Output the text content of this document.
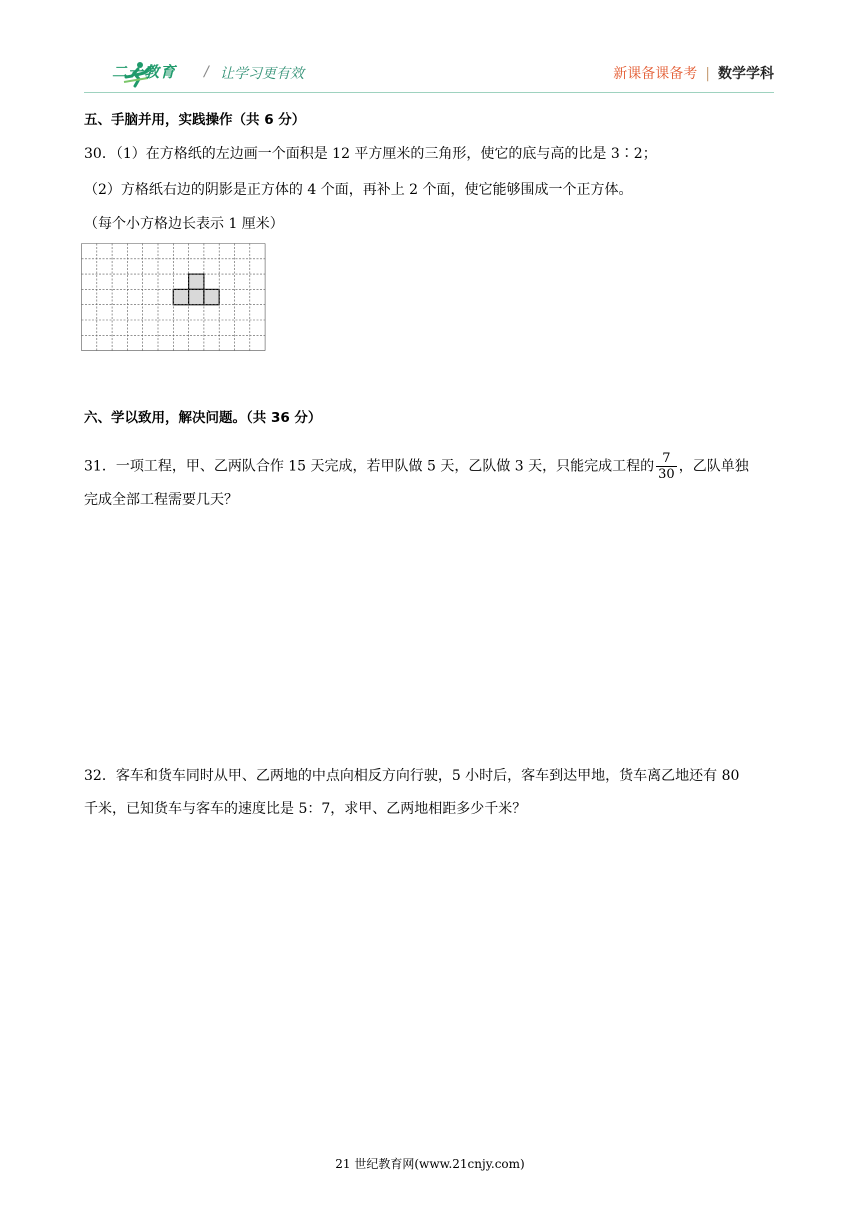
二一教育 / 让学习更有效	新课备课备考 | 数学学科
五、手脑并用，实践操作（共 6 分）
30．（1）在方格纸的左边画一个面积是 12 平方厘米的三角形，使它的底与高的比是 3∶2；
（2）方格纸右边的阴影是正方体的 4 个面，再补上 2 个面，使它能够围成一个正方体。
（每个小方格边长表示 1 厘米）
六、学以致用，解决问题。（共 36 分）
31．一项工程，甲、乙两队合作 15 天完成，若甲队做 5 天，乙队做 3 天，只能完成工程的 $\frac{7}{30}$ ，乙队单独
完成全部工程需要几天？
32．客车和货车同时从甲、乙两地的中点向相反方向行驶，5 小时后，客车到达甲地，货车离乙地还有 80
千米，已知货车与客车的速度比是 5：7，求甲、乙两地相距多少千米？
21 世纪教育网(www.21cnjy.com)
